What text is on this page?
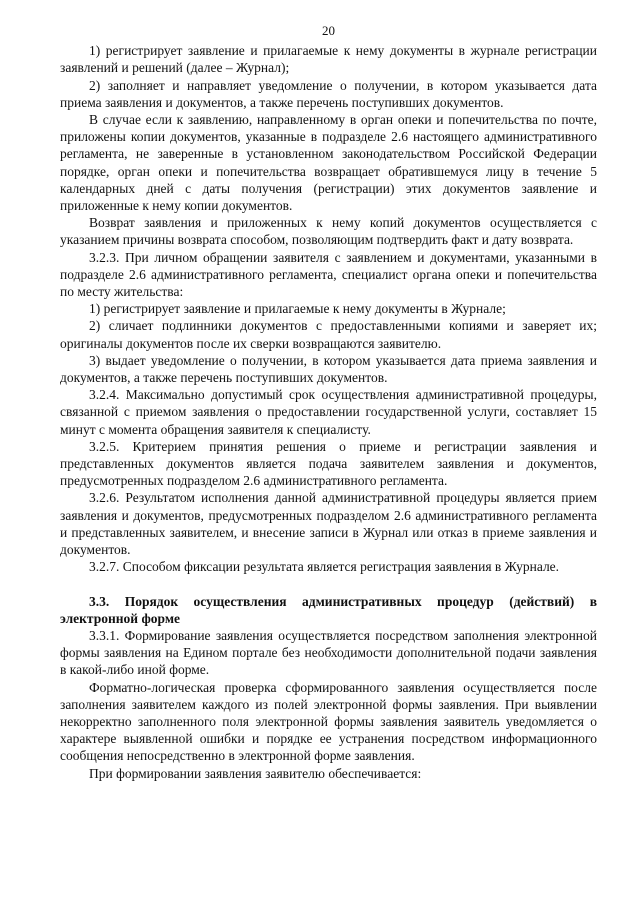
20

1) регистрирует заявление и прилагаемые к нему документы в журнале регистрации заявлений и решений (далее – Журнал);

2) заполняет и направляет уведомление о получении, в котором указывается дата приема заявления и документов, а также перечень поступивших документов.

В случае если к заявлению, направленному в орган опеки и попечительства по почте, приложены копии документов, указанные в подразделе 2.6 настоящего административного регламента, не заверенные в установленном законодательством Российской Федерации порядке, орган опеки и попечительства возвращает обратившемуся лицу в течение 5 календарных дней с даты получения (регистрации) этих документов заявление и приложенные к нему копии документов.

Возврат заявления и приложенных к нему копий документов осуществляется с указанием причины возврата способом, позволяющим подтвердить факт и дату возврата.

3.2.3. При личном обращении заявителя с заявлением и документами, указанными в подразделе 2.6 административного регламента, специалист органа опеки и попечительства по месту жительства:

1) регистрирует заявление и прилагаемые к нему документы в Журнале;

2) сличает подлинники документов с предоставленными копиями и заверяет их; оригиналы документов после их сверки возвращаются заявителю.

3) выдает уведомление о получении, в котором указывается дата приема заявления и документов, а также перечень поступивших документов.

3.2.4. Максимально допустимый срок осуществления административной процедуры, связанной с приемом заявления о предоставлении государственной услуги, составляет 15 минут с момента обращения заявителя к специалисту.

3.2.5. Критерием принятия решения о приеме и регистрации заявления и представленных документов является подача заявителем заявления и документов, предусмотренных подразделом 2.6 административного регламента.

3.2.6. Результатом исполнения данной административной процедуры является прием заявления и документов, предусмотренных подразделом 2.6 административного регламента и представленных заявителем, и внесение записи в Журнал или отказ в приеме заявления и документов.

3.2.7. Способом фиксации результата является регистрация заявления в Журнале.

3.3. Порядок осуществления административных процедур (действий) в электронной форме

3.3.1. Формирование заявления осуществляется посредством заполнения электронной формы заявления на Едином портале без необходимости дополнительной подачи заявления в какой-либо иной форме.

Форматно-логическая проверка сформированного заявления осуществляется после заполнения заявителем каждого из полей электронной формы заявления. При выявлении некорректно заполненного поля электронной формы заявления заявитель уведомляется о характере выявленной ошибки и порядке ее устранения посредством информационного сообщения непосредственно в электронной форме заявления.

При формировании заявления заявителю обеспечивается:
